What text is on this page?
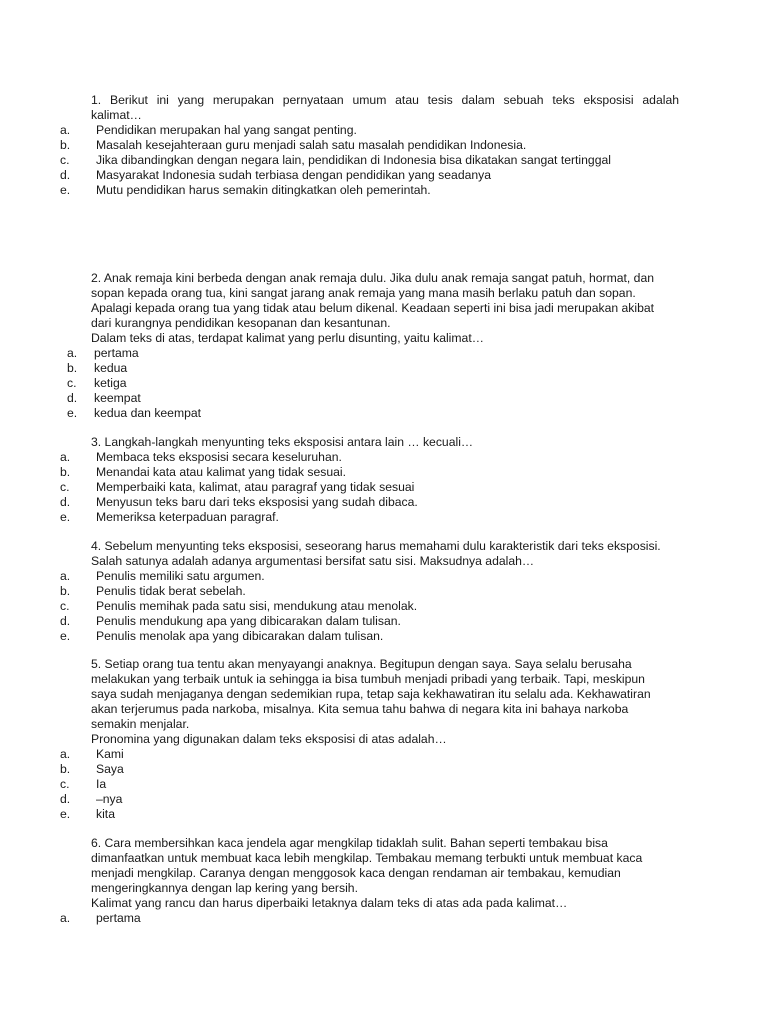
1. Berikut ini yang merupakan pernyataan umum atau tesis dalam sebuah teks eksposisi adalah
kalimat…
a. Pendidikan merupakan hal yang sangat penting.
b. Masalah kesejahteraan guru menjadi salah satu masalah pendidikan Indonesia.
c. Jika dibandingkan dengan negara lain, pendidikan di Indonesia bisa dikatakan sangat tertinggal
d. Masyarakat Indonesia sudah terbiasa dengan pendidikan yang seadanya
e. Mutu pendidikan harus semakin ditingkatkan oleh pemerintah.
2. Anak remaja kini berbeda dengan anak remaja dulu. Jika dulu anak remaja sangat patuh, hormat, dan
sopan kepada orang tua, kini sangat jarang anak remaja yang mana masih berlaku patuh dan sopan.
Apalagi kepada orang tua yang tidak atau belum dikenal. Keadaan seperti ini bisa jadi merupakan akibat
dari kurangnya pendidikan kesopanan dan kesantunan.
Dalam teks di atas, terdapat kalimat yang perlu disunting, yaitu kalimat…
a. pertama
b. kedua
c. ketiga
d. keempat
e. kedua dan keempat
3. Langkah-langkah menyunting teks eksposisi antara lain … kecuali…
a. Membaca teks eksposisi secara keseluruhan.
b. Menandai kata atau kalimat yang tidak sesuai.
c. Memperbaiki kata, kalimat, atau paragraf yang tidak sesuai
d. Menyusun teks baru dari teks eksposisi yang sudah dibaca.
e. Memeriksa keterpaduan paragraf.
4. Sebelum menyunting teks eksposisi, seseorang harus memahami dulu karakteristik dari teks eksposisi.
Salah satunya adalah adanya argumentasi bersifat satu sisi. Maksudnya adalah…
a. Penulis memiliki satu argumen.
b. Penulis tidak berat sebelah.
c. Penulis memihak pada satu sisi, mendukung atau menolak.
d. Penulis mendukung apa yang dibicarakan dalam tulisan.
e. Penulis menolak apa yang dibicarakan dalam tulisan.
5. Setiap orang tua tentu akan menyayangi anaknya. Begitupun dengan saya. Saya selalu berusaha
melakukan yang terbaik untuk ia sehingga ia bisa tumbuh menjadi pribadi yang terbaik. Tapi, meskipun
saya sudah menjaganya dengan sedemikian rupa, tetap saja kekhawatiran itu selalu ada. Kekhawatiran
akan terjerumus pada narkoba, misalnya. Kita semua tahu bahwa di negara kita ini bahaya narkoba
semakin menjalar.
Pronomina yang digunakan dalam teks eksposisi di atas adalah…
a. Kami
b. Saya
c. Ia
d. –nya
e. kita
6. Cara membersihkan kaca jendela agar mengkilap tidaklah sulit. Bahan seperti tembakau bisa
dimanfaatkan untuk membuat kaca lebih mengkilap. Tembakau memang terbukti untuk membuat kaca
menjadi mengkilap. Caranya dengan menggosok kaca dengan rendaman air tembakau, kemudian
mengeringkannya dengan lap kering yang bersih.
Kalimat yang rancu dan harus diperbaiki letaknya dalam teks di atas ada pada kalimat…
a. pertama
